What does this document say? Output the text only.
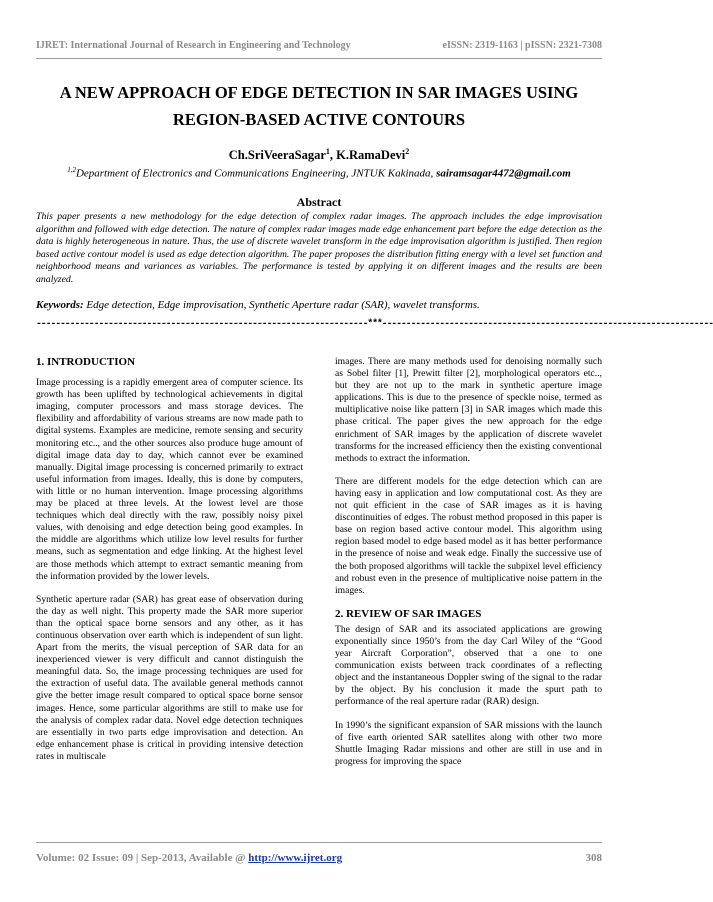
IJRET: International Journal of Research in Engineering and Technology	eISSN: 2319-1163 | pISSN: 2321-7308
A NEW APPROACH OF EDGE DETECTION IN SAR IMAGES USING
REGION-BASED ACTIVE CONTOURS
Ch.SriVeeraSagar$^1$, K.RamaDevi$^2$
$^{1,2}$Department of Electronics and Communications Engineering, JNTUK Kakinada, sairamsagar4472@gmail.com
Abstract

This paper presents a new methodology for the edge detection of complex radar images. The approach includes the edge improvisation algorithm and followed with edge detection. The nature of complex radar images made edge enhancement part before the edge detection as the data is highly heterogeneous in nature. Thus, the use of discrete wavelet transform in the edge improvisation algorithm is justified. Then region based active contour model is used as edge detection algorithm. The paper proposes the distribution fitting energy with a level set function and neighborhood means and variances as variables. The performance is tested by applying it on different images and the results are been analyzed.

Keywords: Edge detection, Edge improvisation, Synthetic Aperture radar (SAR), wavelet transforms.

---------------------------------------------------------------------***---------------------------------------------------------------------
1. INTRODUCTION

Image processing is a rapidly emergent area of computer science. Its growth has been uplifted by technological achievements in digital imaging, computer processors and mass storage devices. The flexibility and affordability of various streams are now made path to digital systems. Examples are medicine, remote sensing and security monitoring etc.., and the other sources also produce huge amount of digital image data day to day, which cannot ever be examined manually. Digital image processing is concerned primarily to extract useful information from images. Ideally, this is done by computers, with little or no human intervention. Image processing algorithms may be placed at three levels. At the lowest level are those techniques which deal directly with the raw, possibly noisy pixel values, with denoising and edge detection being good examples. In the middle are algorithms which utilize low level results for further means, such as segmentation and edge linking. At the highest level are those methods which attempt to extract semantic meaning from the information provided by the lower levels.

Synthetic aperture radar (SAR) has great ease of observation during the day as well night. This property made the SAR more superior than the optical space borne sensors and any other, as it has continuous observation over earth which is independent of sun light. Apart from the merits, the visual perception of SAR data for an inexperienced viewer is very difficult and cannot distinguish the meaningful data. So, the image processing techniques are used for the extraction of useful data. The available general methods cannot give the better image result compared to optical space borne sensor images. Hence, some particular algorithms are still to make use for the analysis of complex radar data. Novel edge detection techniques are essentially in two parts edge improvisation and detection. An edge enhancement phase is critical in providing intensive detection rates in multiscale

images. There are many methods used for denoising normally such as Sobel filter [1], Prewitt filter [2], morphological operators etc.., but they are not up to the mark in synthetic aperture image applications. This is due to the presence of speckle noise, termed as multiplicative noise like pattern [3] in SAR images which made this phase critical. The paper gives the new approach for the edge enrichment of SAR images by the application of discrete wavelet transforms for the increased efficiency then the existing conventional methods to extract the information.

There are different models for the edge detection which can are having easy in application and low computational cost. As they are not quit efficient in the case of SAR images as it is having discontinuities of edges. The robust method proposed in this paper is base on region based active contour model. This algorithm using region based model to edge based model as it has better performance in the presence of noise and weak edge. Finally the successive use of the both proposed algorithms will tackle the subpixel level efficiency and robust even in the presence of multiplicative noise pattern in the images.

2. REVIEW OF SAR IMAGES

The design of SAR and its associated applications are growing exponentially since 1950’s from the day Carl Wiley of the “Good year Aircraft Corporation”, observed that a one to one communication exists between track coordinates of a reflecting object and the instantaneous Doppler swing of the signal to the radar by the object. By his conclusion it made the spurt path to performance of the real aperture radar (RAR) design.

In 1990’s the significant expansion of SAR missions with the launch of five earth oriented SAR satellites along with other two more Shuttle Imaging Radar missions and other are still in use and in progress for improving the space

Volume: 02 Issue: 09 | Sep-2013, Available @ http://www.ijret.org	308
